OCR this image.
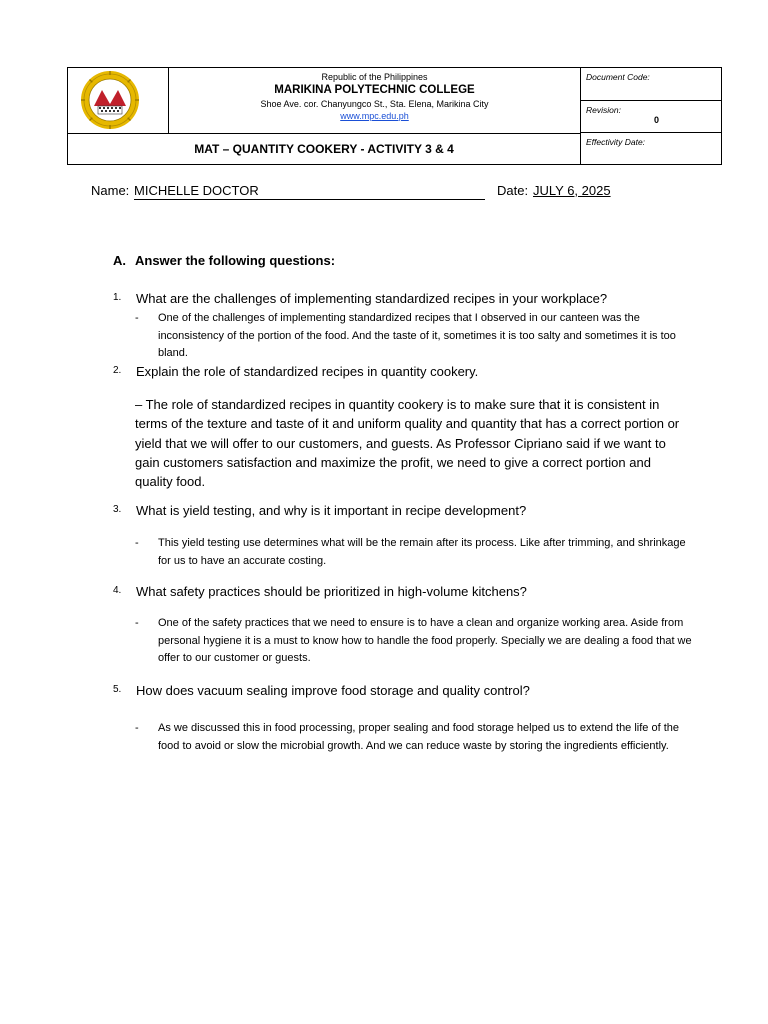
Republic of the Philippines
MARIKINA POLYTECHNIC COLLEGE
Shoe Ave. cor. Chanyungco St., Sta. Elena, Marikina City
www.mpc.edu.ph
Document Code:
Revision:
0
Effectivity Date:
MAT – QUANTITY COOKERY - ACTIVITY 3 & 4
Name: MICHELLE DOCTOR	Date: JULY 6, 2025
A. Answer the following questions:
1. What are the challenges of implementing standardized recipes in your workplace?
- One of the challenges of implementing standardized recipes that I observed in our canteen was the inconsistency of the portion of the food. And the taste of it, sometimes it is too salty and sometimes it is too bland.
2. Explain the role of standardized recipes in quantity cookery.
– The role of standardized recipes in quantity cookery is to make sure that it is consistent in terms of the texture and taste of it and uniform quality and quantity that has a correct portion or yield that we will offer to our customers, and guests. As Professor Cipriano said if we want to gain customers satisfaction and maximize the profit, we need to give a correct portion and quality food.
3. What is yield testing, and why is it important in recipe development?
- This yield testing use determines what will be the remain after its process. Like after trimming, and shrinkage for us to have an accurate costing.
4. What safety practices should be prioritized in high-volume kitchens?
- One of the safety practices that we need to ensure is to have a clean and organize working area. Aside from personal hygiene it is a must to know how to handle the food properly. Specially we are dealing a food that we offer to our customer or guests.
5. How does vacuum sealing improve food storage and quality control?
- As we discussed this in food processing, proper sealing and food storage helped us to extend the life of the food to avoid or slow the microbial growth. And we can reduce waste by storing the ingredients efficiently.
